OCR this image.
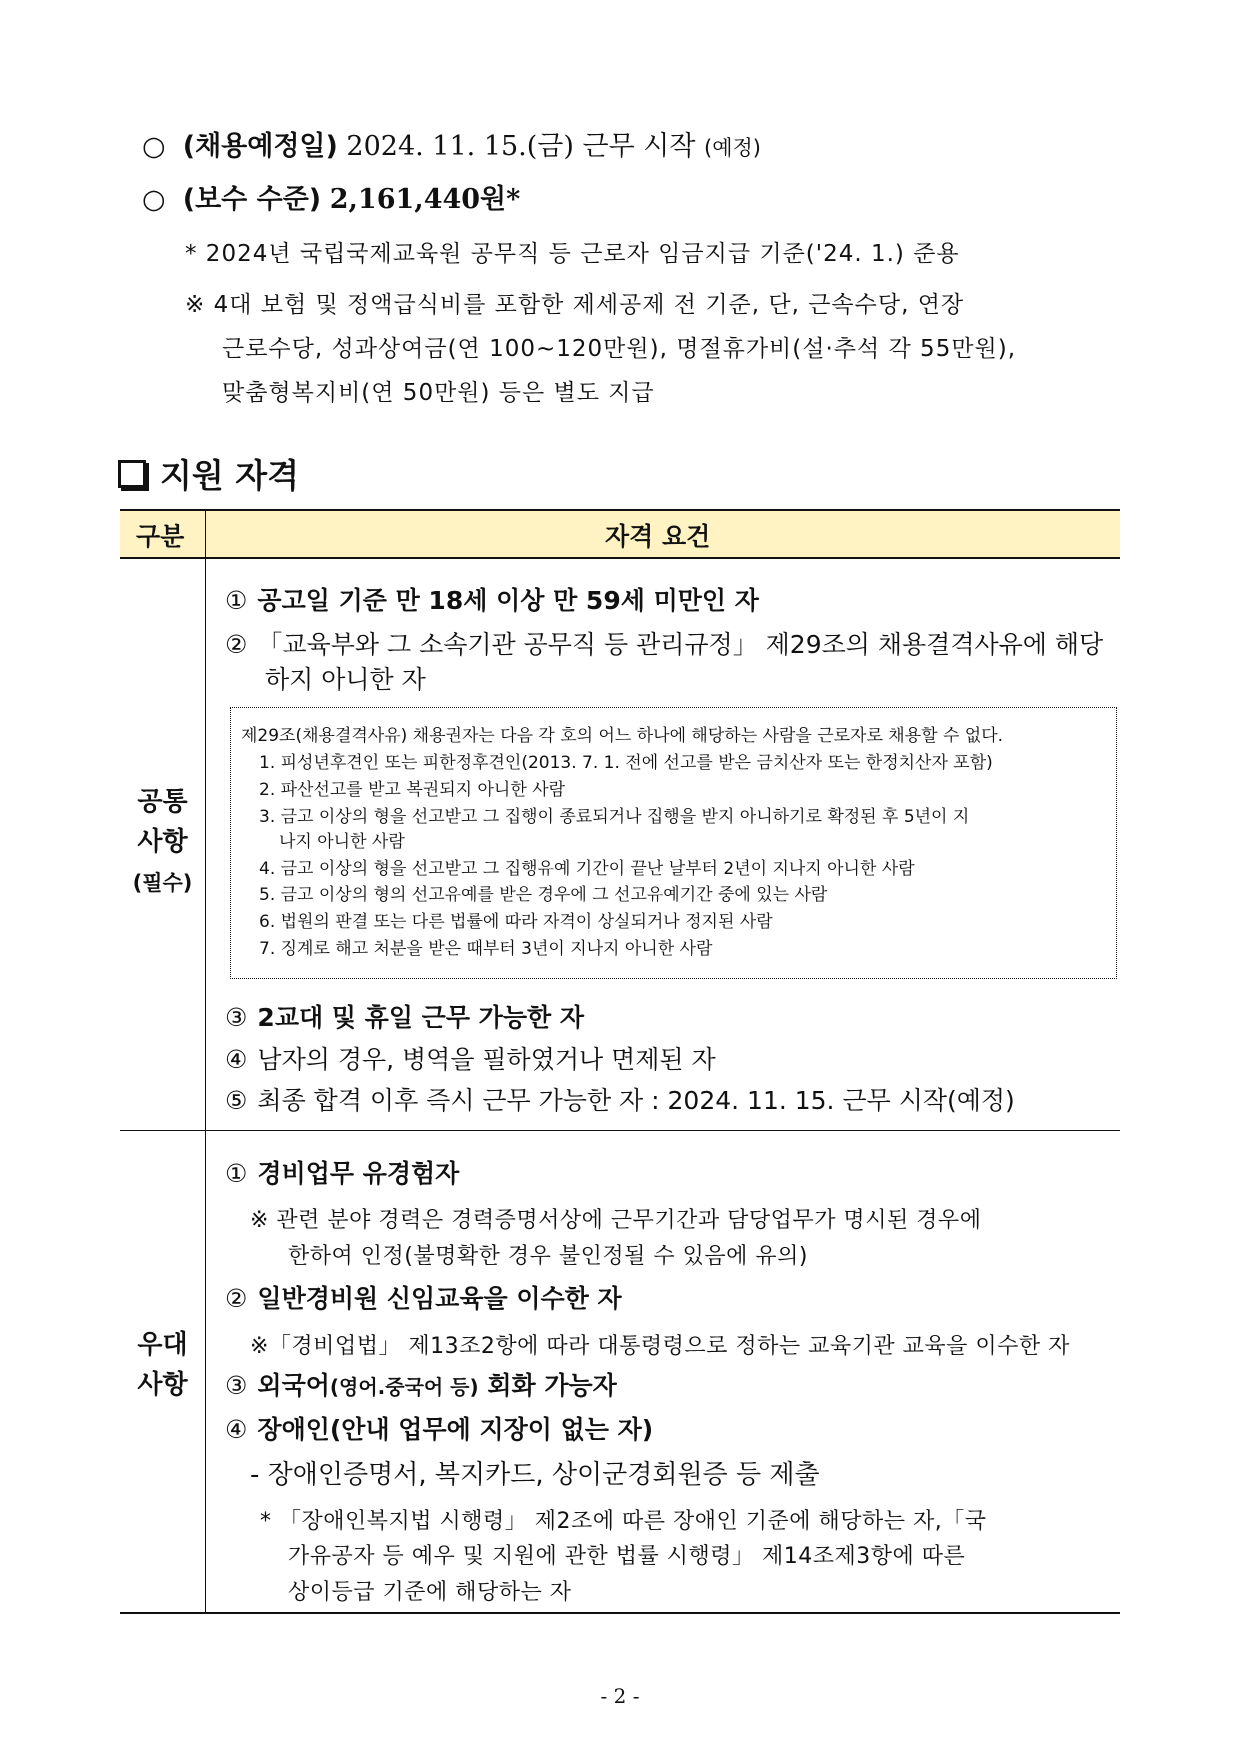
○ (채용예정일) 2024. 11. 15.(금) 근무 시작 (예정)
○ (보수 수준) 2,161,440원*
* 2024년 국립국제교육원 공무직 등 근로자 임금지급 기준('24. 1.) 준용
※ 4대 보험 및 정액급식비를 포함한 제세공제 전 기준, 단, 근속수당, 연장
근로수당, 성과상여금(연 100∼120만원), 명절휴가비(설·추석 각 55만원),
맞춤형복지비(연 50만원) 등은 별도 지급
지원 자격
구분	자격 요건
공통
사항
(필수)
① 공고일 기준 만 18세 이상 만 59세 미만인 자
② 「교육부와 그 소속기관 공무직 등 관리규정」 제29조의 채용결격사유에 해당
하지 아니한 자
제29조(채용결격사유) 채용권자는 다음 각 호의 어느 하나에 해당하는 사람을 근로자로 채용할 수 없다.
1. 피성년후견인 또는 피한정후견인(2013. 7. 1. 전에 선고를 받은 금치산자 또는 한정치산자 포함)
2. 파산선고를 받고 복권되지 아니한 사람
3. 금고 이상의 형을 선고받고 그 집행이 종료되거나 집행을 받지 아니하기로 확정된 후 5년이 지
나지 아니한 사람
4. 금고 이상의 형을 선고받고 그 집행유예 기간이 끝난 날부터 2년이 지나지 아니한 사람
5. 금고 이상의 형의 선고유예를 받은 경우에 그 선고유예기간 중에 있는 사람
6. 법원의 판결 또는 다른 법률에 따라 자격이 상실되거나 정지된 사람
7. 징계로 해고 처분을 받은 때부터 3년이 지나지 아니한 사람
③ 2교대 및 휴일 근무 가능한 자
④ 남자의 경우, 병역을 필하였거나 면제된 자
⑤ 최종 합격 이후 즉시 근무 가능한 자 : 2024. 11. 15. 근무 시작(예정)
우대
사항
① 경비업무 유경험자
※ 관련 분야 경력은 경력증명서상에 근무기간과 담당업무가 명시된 경우에
한하여 인정(불명확한 경우 불인정될 수 있음에 유의)
② 일반경비원 신임교육을 이수한 자
※「경비업법」 제13조2항에 따라 대통령령으로 정하는 교육기관 교육을 이수한 자
③ 외국어(영어.중국어 등) 회화 가능자
④ 장애인(안내 업무에 지장이 없는 자)
- 장애인증명서, 복지카드, 상이군경회원증 등 제출
* 「장애인복지법 시행령」 제2조에 따른 장애인 기준에 해당하는 자,「국
가유공자 등 예우 및 지원에 관한 법률 시행령」 제14조제3항에 따른
상이등급 기준에 해당하는 자
- 2 -
